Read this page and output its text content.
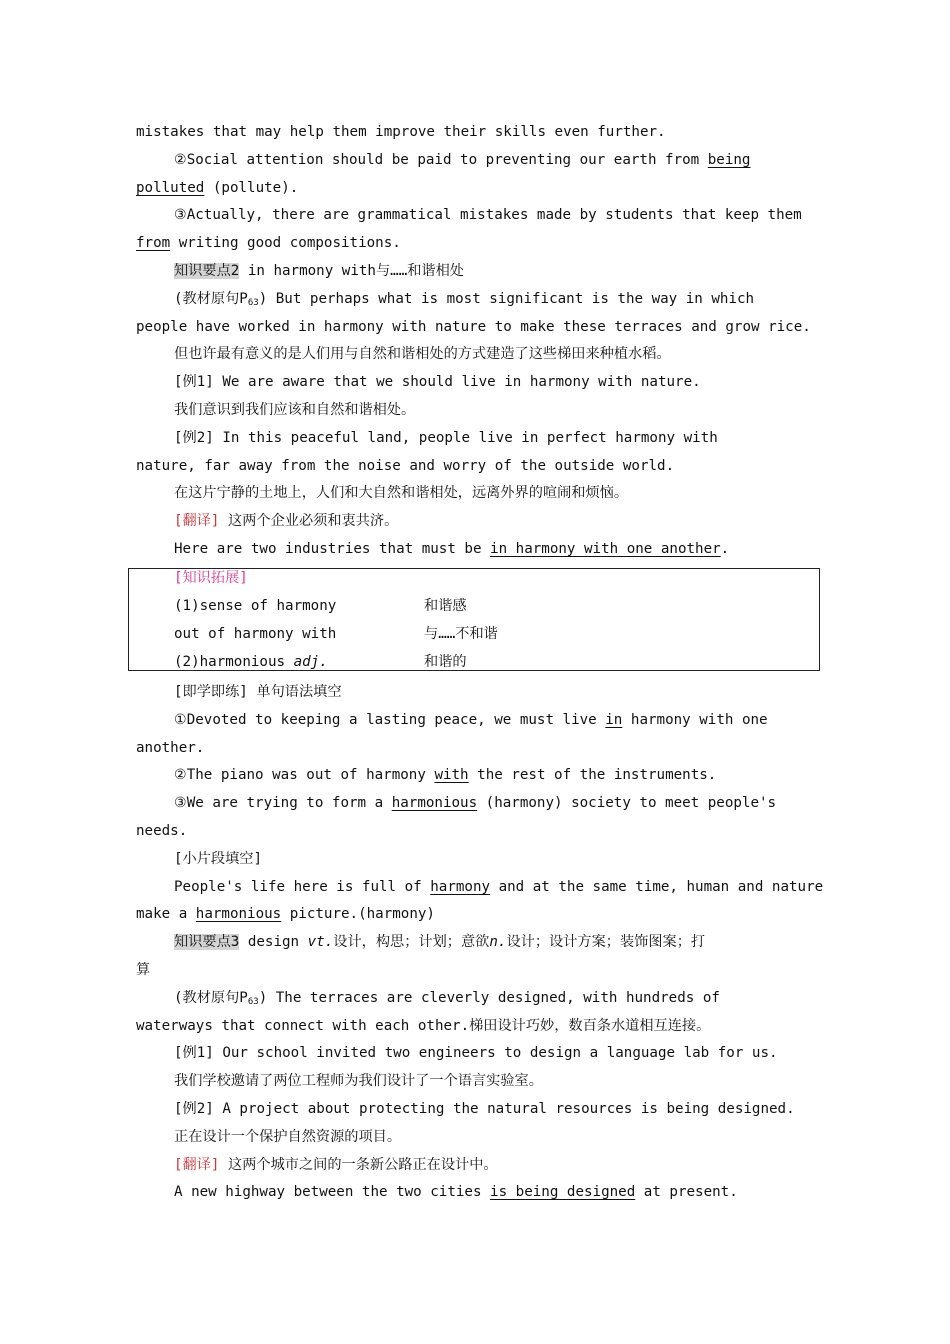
mistakes that may help them improve their skills even further.
②Social attention should be paid to preventing our earth from being
polluted (pollute).
③Actually, there are grammatical mistakes made by students that keep them
from writing good compositions.
知识要点2 in harmony with与……和谐相处
(教材原句$P_{63}$) But perhaps what is most significant is the way in which
people have worked in harmony with nature to make these terraces and grow rice.
但也许最有意义的是人们用与自然和谐相处的方式建造了这些梯田来种植水稻。
[例1] We are aware that we should live in harmony with nature.
我们意识到我们应该和自然和谐相处。
[例2] In this peaceful land, people live in perfect harmony with
nature, far away from the noise and worry of the outside world.
在这片宁静的土地上，人们和大自然和谐相处，远离外界的喧闹和烦恼。
[翻译] 这两个企业必须和衷共济。
Here are two industries that must be in harmony with one another.
[知识拓展]
(1)sense of harmony	和谐感
out of harmony with	与……不和谐
(2)harmonious adj.	和谐的
[即学即练] 单句语法填空
①Devoted to keeping a lasting peace, we must live in harmony with one
another.
②The piano was out of harmony with the rest of the instruments.
③We are trying to form a harmonious (harmony) society to meet people's
needs.
[小片段填空]
People's life here is full of harmony and at the same time, human and nature
make a harmonious picture.(harmony)
知识要点3 design vt.设计，构思；计划；意欲n.设计；设计方案；装饰图案；打
算
(教材原句$P_{63}$) The terraces are cleverly designed, with hundreds of
waterways that connect with each other.梯田设计巧妙，数百条水道相互连接。
[例1] Our school invited two engineers to design a language lab for us.
我们学校邀请了两位工程师为我们设计了一个语言实验室。
[例2] A project about protecting the natural resources is being designed.
正在设计一个保护自然资源的项目。
[翻译] 这两个城市之间的一条新公路正在设计中。
A new highway between the two cities is being designed at present.
